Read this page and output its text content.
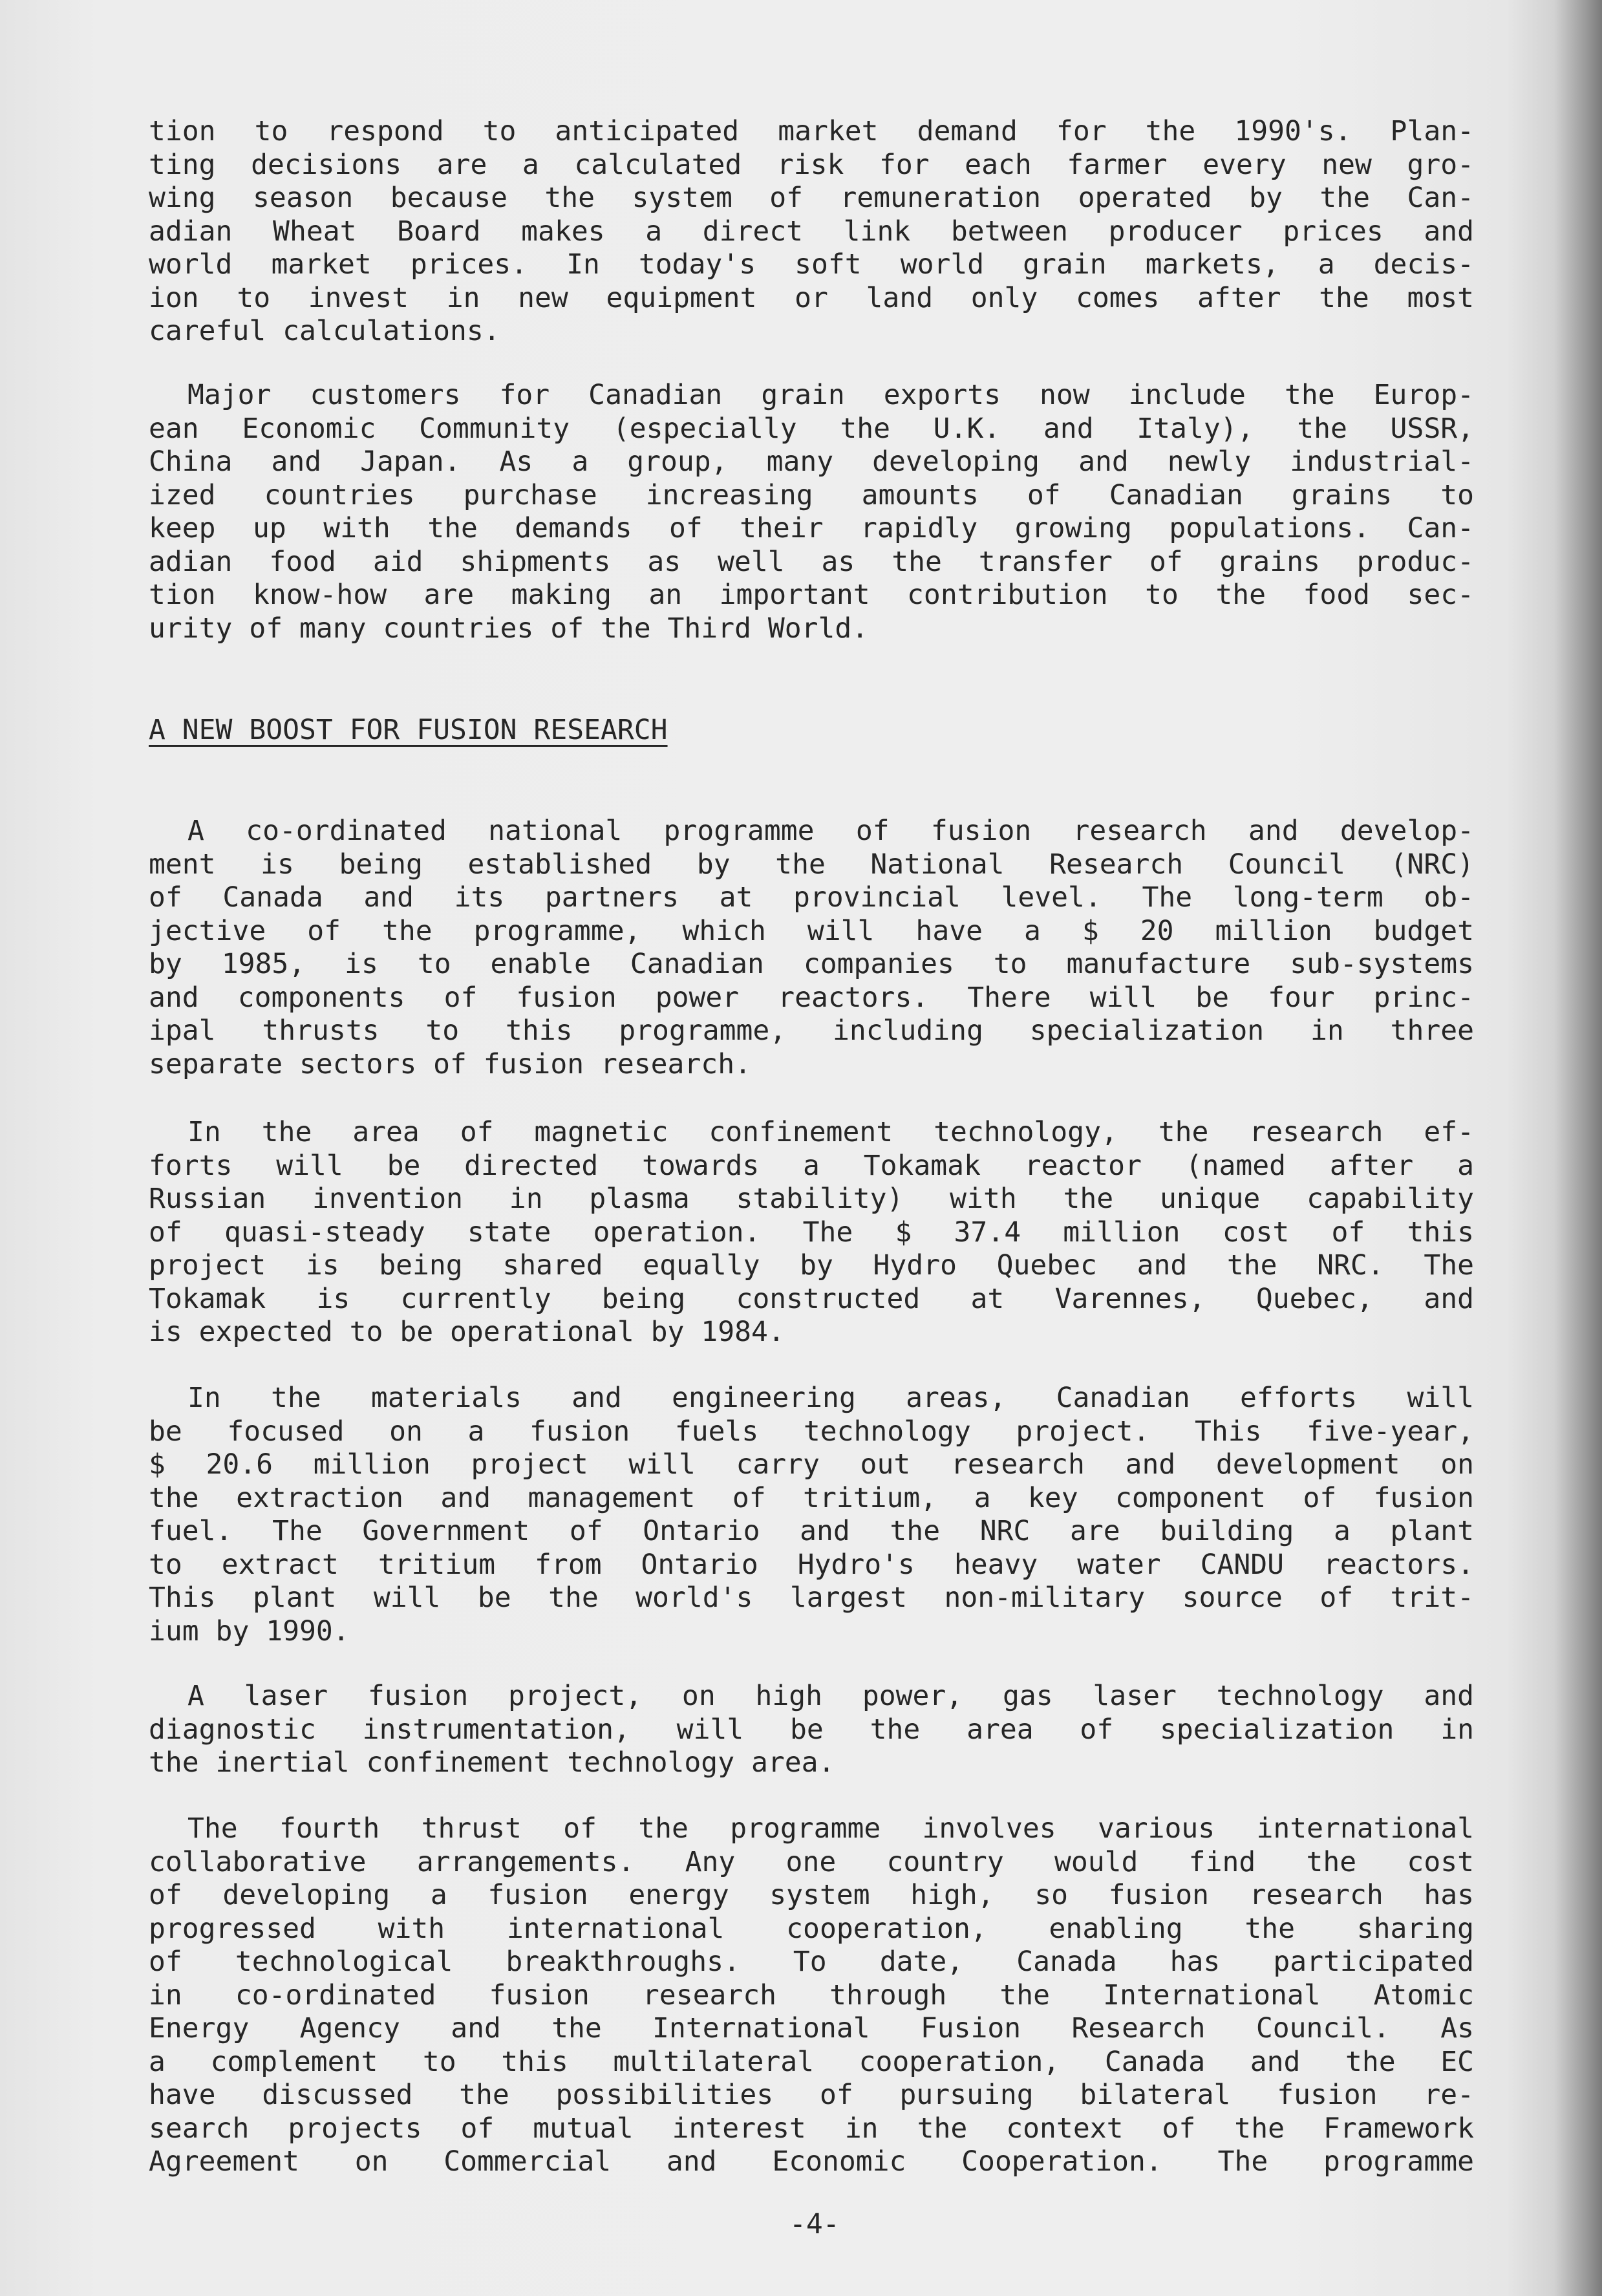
tion to respond to anticipated market demand for the 1990's. Plan-
ting decisions are a calculated risk for each farmer every new gro-
wing season because the system of remuneration operated by the Can-
adian Wheat Board makes a direct link between producer prices and
world market prices. In today's soft world grain markets, a decis-
ion to invest in new equipment or land only comes after the most
careful calculations.
Major customers for Canadian grain exports now include the Europ-
ean Economic Community (especially the U.K. and Italy), the USSR,
China and Japan. As a group, many developing and newly industrial-
ized countries purchase increasing amounts of Canadian grains to
keep up with the demands of their rapidly growing populations. Can-
adian food aid shipments as well as the transfer of grains produc-
tion know-how are making an important contribution to the food sec-
urity of many countries of the Third World.
A NEW BOOST FOR FUSION RESEARCH
A co-ordinated national programme of fusion research and develop-
ment is being established by the National Research Council (NRC)
of Canada and its partners at provincial level. The long-term ob-
jective of the programme, which will have a $ 20 million budget
by 1985, is to enable Canadian companies to manufacture sub-systems
and components of fusion power reactors. There will be four princ-
ipal thrusts to this programme, including specialization in three
separate sectors of fusion research.
In the area of magnetic confinement technology, the research ef-
forts will be directed towards a Tokamak reactor (named after a
Russian invention in plasma stability) with the unique capability
of quasi-steady state operation. The $ 37.4 million cost of this
project is being shared equally by Hydro Quebec and the NRC. The
Tokamak is currently being constructed at Varennes, Quebec, and
is expected to be operational by 1984.
In the materials and engineering areas, Canadian efforts will
be focused on a fusion fuels technology project. This five-year,
$ 20.6 million project will carry out research and development on
the extraction and management of tritium, a key component of fusion
fuel. The Government of Ontario and the NRC are building a plant
to extract tritium from Ontario Hydro's heavy water CANDU reactors.
This plant will be the world's largest non-military source of trit-
ium by 1990.
A laser fusion project, on high power, gas laser technology and
diagnostic instrumentation, will be the area of specialization in
the inertial confinement technology area.
The fourth thrust of the programme involves various international
collaborative arrangements. Any one country would find the cost
of developing a fusion energy system high, so fusion research has
progressed with international cooperation, enabling the sharing
of technological breakthroughs. To date, Canada has participated
in co-ordinated fusion research through the International Atomic
Energy Agency and the International Fusion Research Council. As
a complement to this multilateral cooperation, Canada and the EC
have discussed the possibilities of pursuing bilateral fusion re-
search projects of mutual interest in the context of the Framework
Agreement on Commercial and Economic Cooperation. The programme
-4-
